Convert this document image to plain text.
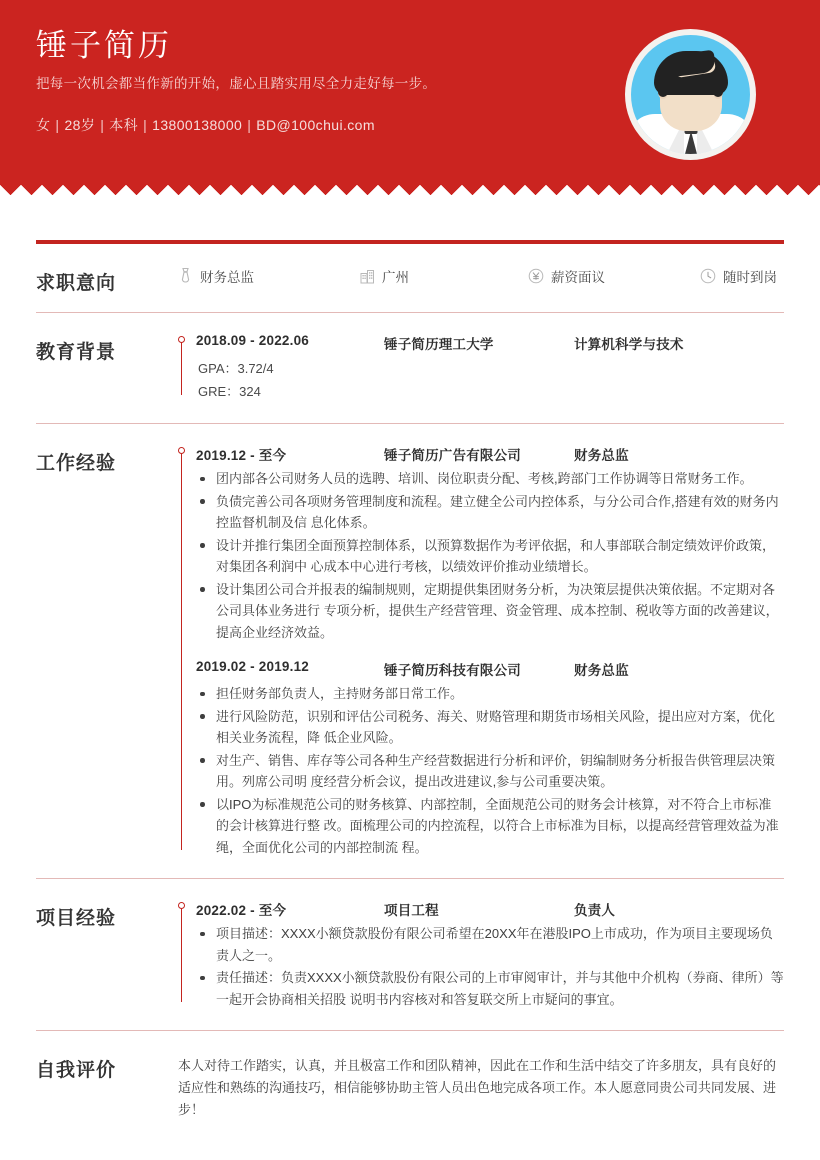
锤子简历
把每一次机会都当作新的开始，虚心且踏实用尽全力走好每一步。
女 | 28岁 | 本科 | 13800138000 | BD@100chui.com
求职意向	财务总监	广州	薪资面议	随时到岗
教育背景
2018.09 - 2022.06	锤子简历理工大学	计算机科学与技术
GPA：3.72/4
GRE：324
工作经验	2019.12 - 至今	锤子简历广告有限公司	财务总监
团内部各公司财务人员的选聘、培训、岗位职责分配、考核,跨部门工作协调等日常财务工作。
负债完善公司各项财务管理制度和流程。建立健全公司内控体系，与分公司合作,搭建有效的财务内控监督机制及信 息化体系。
设计并推行集团全面预算控制体系，以预算数据作为考评依据，和人事部联合制定绩效评价政策，对集团各利润中 心成本中心进行考核，以绩效评价推动业绩增长。
设计集团公司合并报表的编制规则，定期提供集团财务分析，为决策层提供决策依据。不定期对各公司具体业务进行 专项分析，提供生产经营管理、资金管理、成本控制、税收等方面的改善建议，提高企业经济效益。
2019.02 - 2019.12	锤子简历科技有限公司	财务总监
担任财务部负责人，主持财务部日常工作。
进行风险防范，识别和评估公司税务、海关、财赂管理和期货市场相关风险，提出应对方案，优化相关业务流程，降 低企业风险。
对生产、销售、库存等公司各种生产经营数据进行分析和评价，钥编制财务分析报告供管理层决策用。列席公司明 度经营分析会议，提出改进建议,参与公司重要决策。
以IPO为标准规范公司的财务核算、内部控制，全面规范公司的财务会计核算，对不符合上市标准的会计核算进行整 改。面梳理公司的内控流程，以符合上市标准为目标，以提高经营管理效益为准绳，全面优化公司的内部控制流 程。
项目经验	2022.02 - 至今	项目工程	负责人
项目描述：XXXX小额贷款股份有限公司希望在20XX年在港股IPO上市成功，作为项目主要现场负责人之一。
责任描述：负责XXXX小额贷款股份有限公司的上市审阅审计，并与其他中介机构（券商、律所）等一起开会协商相关招股 说明书内容核对和答复联交所上市疑问的事宜。
自我评价	本人对待工作踏实，认真，并且极富工作和团队精神，因此在工作和生活中结交了许多朋友，具有良好的适应性和熟练的沟通技巧，相信能够协助主管人员出色地完成各项工作。本人愿意同贵公司共同发展、进步！
